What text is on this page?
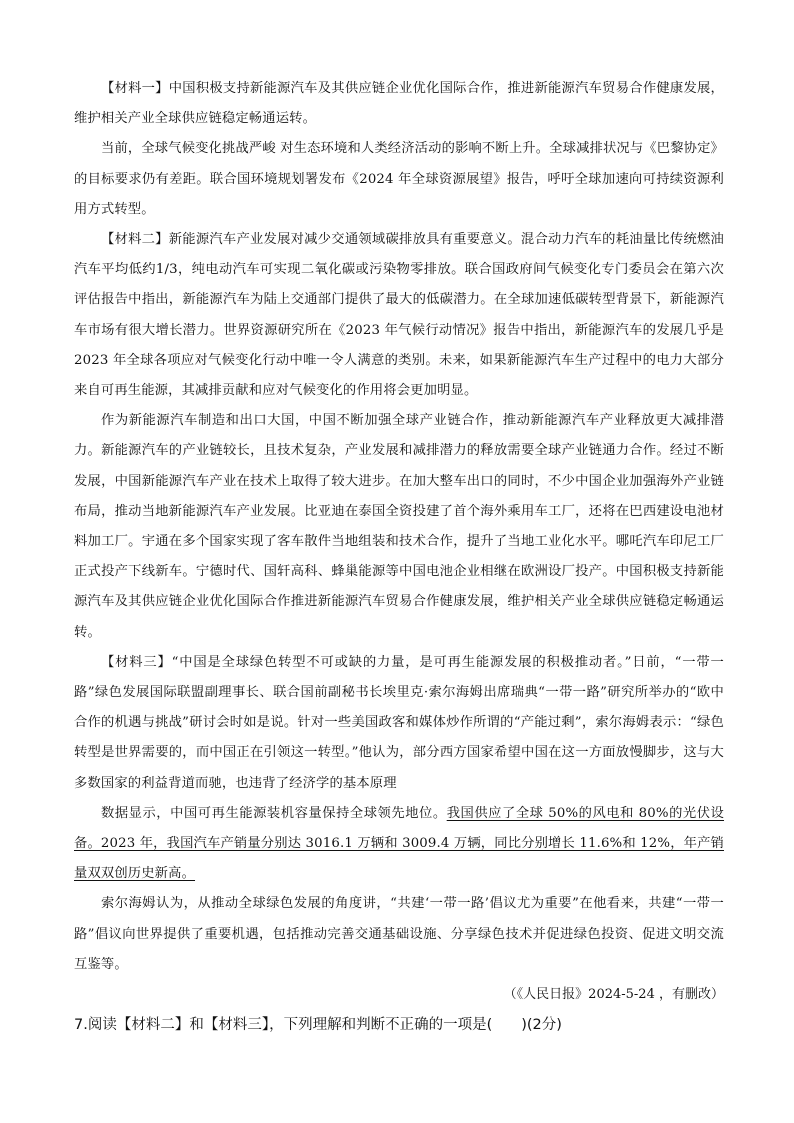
【材料一】中国积极支持新能源汽车及其供应链企业优化国际合作，推进新能源汽车贸易合作健康发展，维护相关产业全球供应链稳定畅通运转。

当前，全球气候变化挑战严峻 对生态环境和人类经济活动的影响不断上升。全球减排状况与《巴黎协定》的目标要求仍有差距。联合国环境规划署发布《2024 年全球资源展望》报告，呼吁全球加速向可持续资源利用方式转型。

【材料二】新能源汽车产业发展对减少交通领域碳排放具有重要意义。混合动力汽车的耗油量比传统燃油汽车平均低约1/3，纯电动汽车可实现二氧化碳或污染物零排放。联合国政府间气候变化专门委员会在第六次评估报告中指出，新能源汽车为陆上交通部门提供了最大的低碳潜力。在全球加速低碳转型背景下，新能源汽车市场有很大增长潜力。世界资源研究所在《2023 年气候行动情况》报告中指出，新能源汽车的发展几乎是 2023 年全球各项应对气候变化行动中唯一令人满意的类别。未来，如果新能源汽车生产过程中的电力大部分来自可再生能源，其减排贡献和应对气候变化的作用将会更加明显。

作为新能源汽车制造和出口大国，中国不断加强全球产业链合作，推动新能源汽车产业释放更大减排潜力。新能源汽车的产业链较长，且技术复杂，产业发展和减排潜力的释放需要全球产业链通力合作。经过不断发展，中国新能源汽车产业在技术上取得了较大进步。在加大整车出口的同时，不少中国企业加强海外产业链布局，推动当地新能源汽车产业发展。比亚迪在泰国全资投建了首个海外乘用车工厂，还将在巴西建设电池材料加工厂。宇通在多个国家实现了客车散件当地组装和技术合作，提升了当地工业化水平。哪吒汽车印尼工厂正式投产下线新车。宁德时代、国轩高科、蜂巢能源等中国电池企业相继在欧洲设厂投产。中国积极支持新能源汽车及其供应链企业优化国际合作推进新能源汽车贸易合作健康发展，维护相关产业全球供应链稳定畅通运转。

【材料三】“中国是全球绿色转型不可或缺的力量，是可再生能源发展的积极推动者。”日前，“一带一路”绿色发展国际联盟副理事长、联合国前副秘书长埃里克·索尔海姆出席瑞典“一带一路”研究所举办的“欧中合作的机遇与挑战”研讨会时如是说。针对一些美国政客和媒体炒作所谓的“产能过剩”，索尔海姆表示：“绿色转型是世界需要的，而中国正在引领这一转型。”他认为，部分西方国家希望中国在这一方面放慢脚步，这与大多数国家的利益背道而驰，也违背了经济学的基本原理

数据显示，中国可再生能源装机容量保持全球领先地位。我国供应了全球 50%的风电和 80%的光伏设备。2023 年，我国汽车产销量分别达 3016.1 万辆和 3009.4 万辆，同比分别增长 11.6%和 12%，年产销量双双创历史新高。

索尔海姆认为，从推动全球绿色发展的角度讲，“共建‘一带一路’倡议尤为重要”在他看来，共建“一带一路”倡议向世界提供了重要机遇，包括推动完善交通基础设施、分享绿色技术并促进绿色投资、促进文明交流互鉴等。

（《人民日报》2024-5-24 ，有删改）

7.阅读【材料二】和【材料三】，下列理解和判断不正确的一项是(　　)(2分)
